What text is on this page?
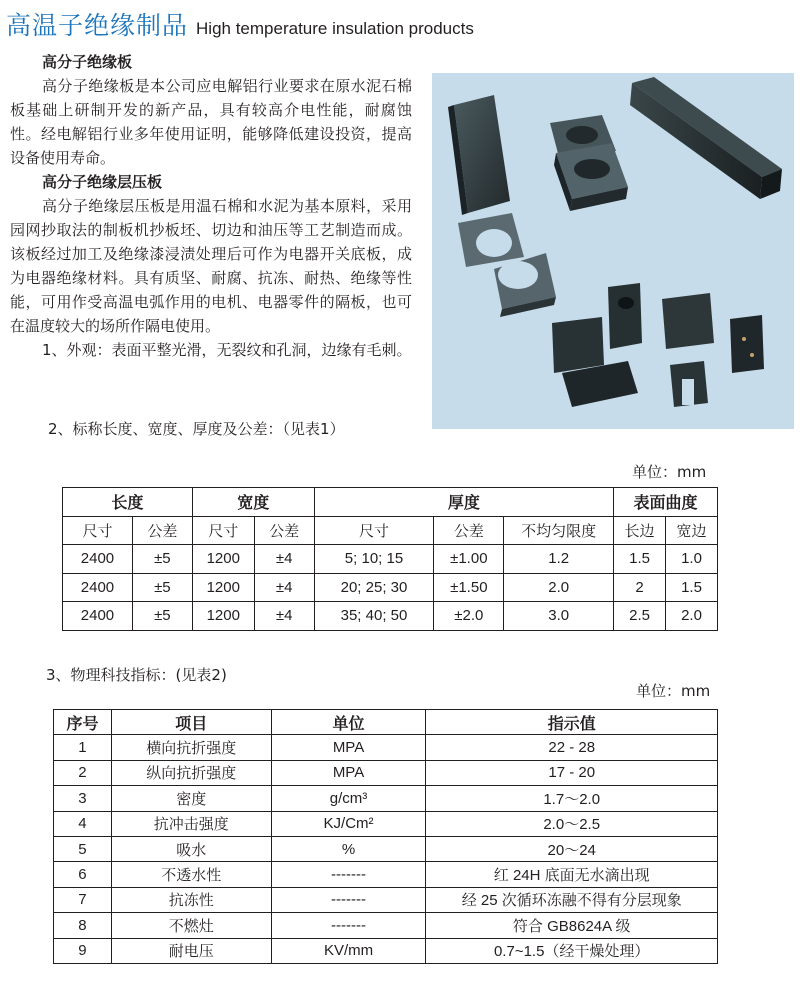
高温子绝缘制品 High temperature insulation products
高分子绝缘板

高分子绝缘板是本公司应电解铝行业要求在原水泥石棉板基础上研制开发的新产品，具有较高介电性能，耐腐蚀性。经电解铝行业多年使用证明，能够降低建设投资，提高设备使用寿命。

高分子绝缘层压板

高分子绝缘层压板是用温石棉和水泥为基本原料，采用园网抄取法的制板机抄板坯、切边和油压等工艺制造而成。该板经过加工及绝缘漆浸渍处理后可作为电器开关底板，成为电器绝缘材料。具有质坚、耐腐、抗冻、耐热、绝缘等性能，可用作受高温电弧作用的电机、电器零件的隔板，也可在温度较大的场所作隔电使用。

1、外观：表面平整光滑，无裂纹和孔洞，边缘有毛刺。

2、标称长度、宽度、厚度及公差：（见表1）
单位：mm
长度		宽度		厚度			表面曲度	
尺寸	公差	尺寸	公差	尺寸	公差	不均匀限度	长边	宽边
2400	±5	1200	±4	5; 10; 15	±1.00	1.2	1.5	1.0
2400	±5	1200	±4	20; 25; 30	±1.50	2.0	2	1.5
2400	±5	1200	±4	35; 40; 50	±2.0	3.0	2.5	2.0
3、物理科技指标：(见表2)
单位：mm
序号	项目	单位	指示值
1	横向抗折强度	MPA	22 - 28
2	纵向抗折强度	MPA	17 - 20
3	密度	g/cm³	1.7～2.0
4	抗冲击强度	KJ/Cm²	2.0～2.5
5	吸水	%	20～24
6	不透水性	-------	红 24H 底面无水滴出现
7	抗冻性	-------	经 25 次循环冻融不得有分层现象
8	不燃灶	-------	符合 GB8624A 级
9	耐电压	KV/mm	0.7~1.5（经干燥处理）
